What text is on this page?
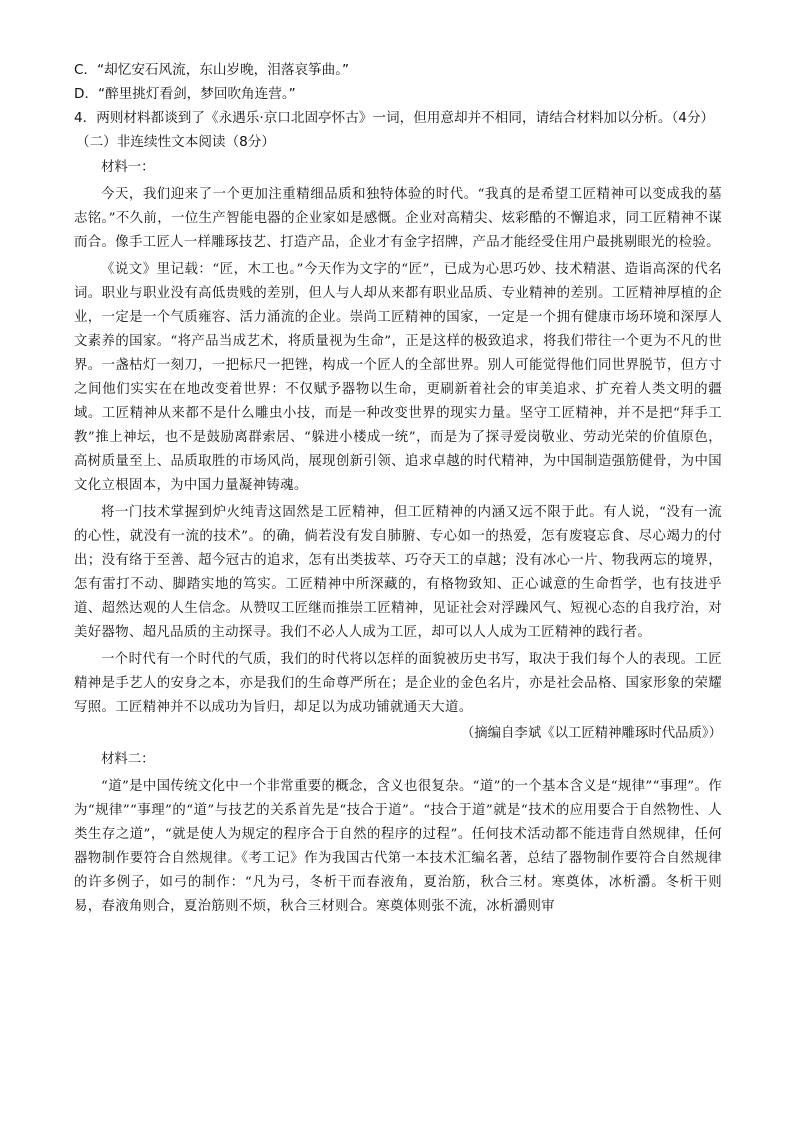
C．“却忆安石风流，东山岁晚，泪落哀筝曲。”
D．“醉里挑灯看剑，梦回吹角连营。”
4．两则材料都谈到了《永遇乐·京口北固亭怀古》一词，但用意却并不相同，请结合材料加以分析。（4分）
（二）非连续性文本阅读（8分）
材料一：

今天，我们迎来了一个更加注重精细品质和独特体验的时代。“我真的是希望工匠精神可以变成我的墓志铭。”不久前，一位生产智能电器的企业家如是感慨。企业对高精尖、炫彩酷的不懈追求，同工匠精神不谋而合。像手工匠人一样雕琢技艺、打造产品，企业才有金字招牌，产品才能经受住用户最挑剔眼光的检验。

《说文》里记载：“匠，木工也。”今天作为文字的“匠”，已成为心思巧妙、技术精湛、造诣高深的代名词。职业与职业没有高低贵贱的差别，但人与人却从来都有职业品质、专业精神的差别。工匠精神厚植的企业，一定是一个气质雍容、活力涌流的企业。崇尚工匠精神的国家，一定是一个拥有健康市场环境和深厚人文素养的国家。“将产品当成艺术，将质量视为生命”，正是这样的极致追求，将我们带往一个更为不凡的世界。一盏枯灯一刻刀，一把标尺一把锉，构成一个匠人的全部世界。别人可能觉得他们同世界脱节，但方寸之间他们实实在在地改变着世界：不仅赋予器物以生命，更刷新着社会的审美追求、扩充着人类文明的疆域。工匠精神从来都不是什么雕虫小技，而是一种改变世界的现实力量。坚守工匠精神，并不是把“拜手工教”推上神坛，也不是鼓励离群索居、“躲进小楼成一统”，而是为了探寻爱岗敬业、劳动光荣的价值原色，高树质量至上、品质取胜的市场风尚，展现创新引领、追求卓越的时代精神，为中国制造强筋健骨，为中国文化立根固本，为中国力量凝神铸魂。

将一门技术掌握到炉火纯青这固然是工匠精神，但工匠精神的内涵又远不限于此。有人说，“没有一流的心性，就没有一流的技术”。的确，倘若没有发自肺腑、专心如一的热爱，怎有废寝忘食、尽心竭力的付出；没有络于至善、超今冠古的追求，怎有出类拔萃、巧夺天工的卓越；没有冰心一片、物我两忘的境界，怎有雷打不动、脚踏实地的笃实。工匠精神中所深藏的，有格物致知、正心诚意的生命哲学，也有技进乎道、超然达观的人生信念。从赞叹工匠继而推崇工匠精神，见证社会对浮躁风气、短视心态的自我疗治，对美好器物、超凡品质的主动探寻。我们不必人人成为工匠，却可以人人成为工匠精神的践行者。

一个时代有一个时代的气质，我们的时代将以怎样的面貌被历史书写，取决于我们每个人的表现。工匠精神是手艺人的安身之本，亦是我们的生命尊严所在；是企业的金色名片，亦是社会品格、国家形象的荣耀写照。工匠精神并不以成功为旨归，却足以为成功铺就通天大道。

（摘编自李斌《以工匠精神雕琢时代品质》）
材料二：

“道”是中国传统文化中一个非常重要的概念，含义也很复杂。“道”的一个基本含义是“规律”“事理”。作为“规律”“事理”的“道”与技艺的关系首先是“技合于道”。“技合于道”就是“技术的应用要合于自然物性、人类生存之道”，“就是使人为规定的程序合于自然的程序的过程”。任何技术活动都不能违背自然规律，任何器物制作要符合自然规律。《考工记》作为我国古代第一本技术汇编名著，总结了器物制作要符合自然规律的许多例子，如弓的制作：“凡为弓，冬析干而春液角，夏治筋，秋合三材。寒奠体，冰析灂。冬析干则易，春液角则合，夏治筋则不烦，秋合三材则合。寒奠体则张不流，冰析灂则审
